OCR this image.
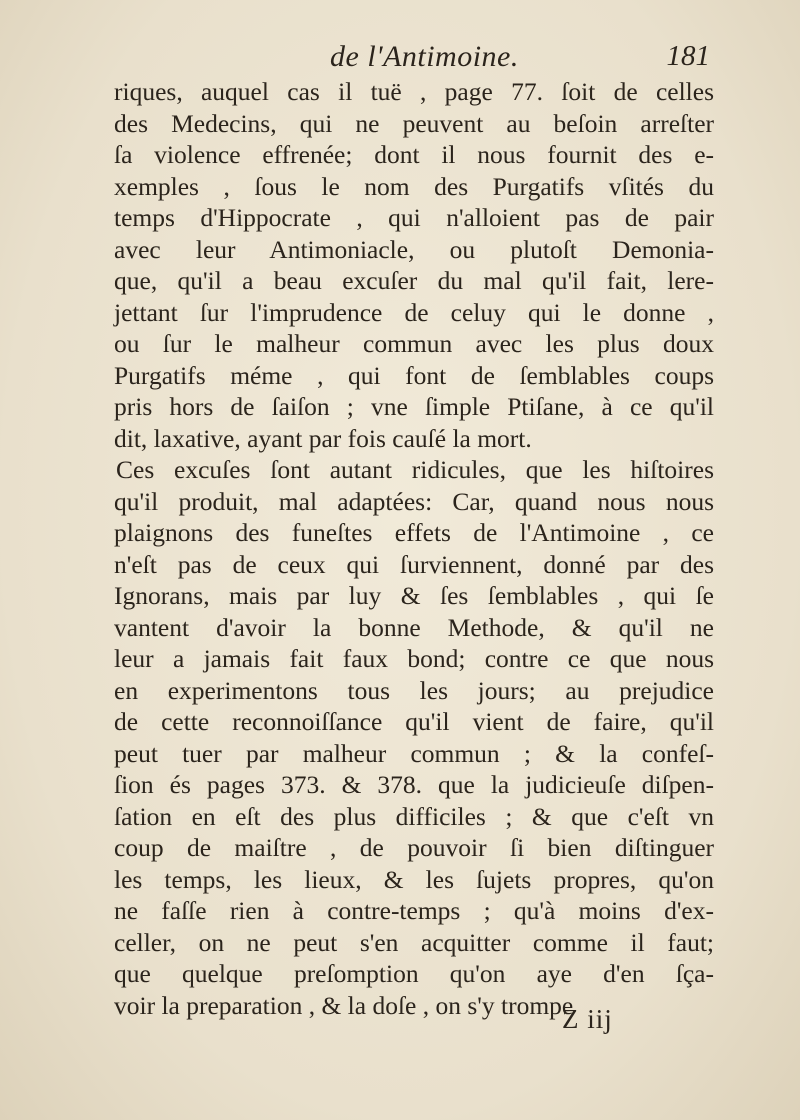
de l'Antimoine.	181
riques, auquel cas il tuë , page 77. ſoit de celles
des Medecins, qui ne peuvent au beſoin arreſter
ſa violence effrenée; dont il nous fournit des e-
xemples , ſous le nom des Purgatifs vſités du
temps d'Hippocrate , qui n'alloient pas de pair
avec leur Antimoniacle, ou plutoſt Demonia-
que, qu'il a beau excuſer du mal qu'il fait, lere-
jettant ſur l'imprudence de celuy qui le donne ,
ou ſur le malheur commun avec les plus doux
Purgatifs méme , qui font de ſemblables coups
pris hors de ſaiſon ; vne ſimple Ptiſane, à ce qu'il
dit, laxative, ayant par fois cauſé la mort.
Ces excuſes ſont autant ridicules, que les hiſtoires
qu'il produit, mal adaptées: Car, quand nous nous
plaignons des funeſtes effets de l'Antimoine , ce
n'eſt pas de ceux qui ſurviennent, donné par des
Ignorans, mais par luy & ſes ſemblables , qui ſe
vantent d'avoir la bonne Methode, & qu'il ne
leur a jamais fait faux bond; contre ce que nous
en experimentons tous les jours; au prejudice
de cette reconnoiſſance qu'il vient de faire, qu'il
peut tuer par malheur commun ; & la confeſ-
ſion és pages 373. & 378. que la judicieuſe diſpen-
ſation en eſt des plus difficiles ; & que c'eſt vn
coup de maiſtre , de pouvoir ſi bien diſtinguer
les temps, les lieux, & les ſujets propres, qu'on
ne faſſe rien à contre-temps ; qu'à moins d'ex-
celler, on ne peut s'en acquitter comme il faut;
que quelque preſomption qu'on aye d'en ſça-
voir la preparation , & la doſe , on s'y trompe
Z iij
